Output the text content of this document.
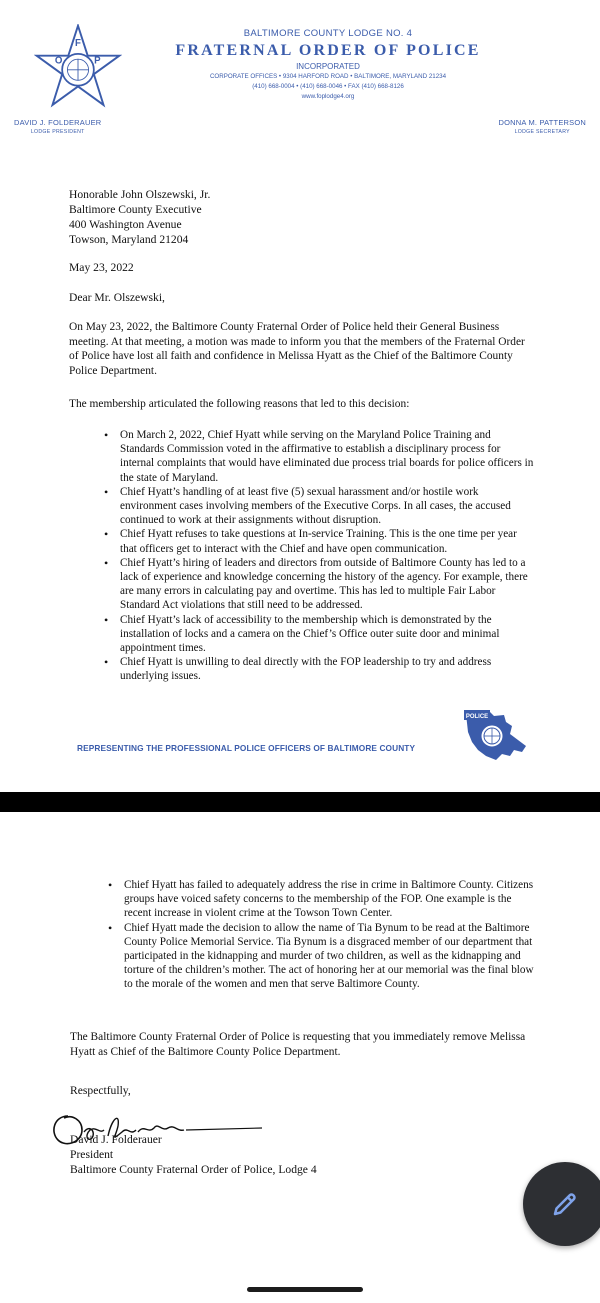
F
O	P
BALTIMORE COUNTY LODGE NO. 4
FRATERNAL ORDER OF POLICE
INCORPORATED
CORPORATE OFFICES • 9304 HARFORD ROAD • BALTIMORE, MARYLAND 21234
(410) 668-0004 • (410) 668-0046 • FAX (410) 668-8126
www.foplodge4.org
DAVID J. FOLDERAUER
LODGE PRESIDENT
DONNA M. PATTERSON
LODGE SECRETARY
Honorable John Olszewski, Jr.
Baltimore County Executive
400 Washington Avenue
Towson, Maryland 21204
May 23, 2022
Dear Mr. Olszewski,
On May 23, 2022, the Baltimore County Fraternal Order of Police held their General Business meeting. At that meeting, a motion was made to inform you that the members of the Fraternal Order of Police have lost all faith and confidence in Melissa Hyatt as the Chief of the Baltimore County Police Department.
The membership articulated the following reasons that led to this decision:
• On March 2, 2022, Chief Hyatt while serving on the Maryland Police Training and Standards Commission voted in the affirmative to establish a disciplinary process for internal complaints that would have eliminated due process trial boards for police officers in the state of Maryland.
• Chief Hyatt’s handling of at least five (5) sexual harassment and/or hostile work environment cases involving members of the Executive Corps. In all cases, the accused continued to work at their assignments without disruption.
• Chief Hyatt refuses to take questions at In-service Training. This is the one time per year that officers get to interact with the Chief and have open communication.
• Chief Hyatt’s hiring of leaders and directors from outside of Baltimore County has led to a lack of experience and knowledge concerning the history of the agency. For example, there are many errors in calculating pay and overtime. This has led to multiple Fair Labor Standard Act violations that still need to be addressed.
• Chief Hyatt’s lack of accessibility to the membership which is demonstrated by the installation of locks and a camera on the Chief’s Office outer suite door and minimal appointment times.
• Chief Hyatt is unwilling to deal directly with the FOP leadership to try and address underlying issues.
REPRESENTING THE PROFESSIONAL POLICE OFFICERS OF BALTIMORE COUNTY
POLICE
• Chief Hyatt has failed to adequately address the rise in crime in Baltimore County. Citizens groups have voiced safety concerns to the membership of the FOP. One example is the recent increase in violent crime at the Towson Town Center.
• Chief Hyatt made the decision to allow the name of Tia Bynum to be read at the Baltimore County Police Memorial Service. Tia Bynum is a disgraced member of our department that participated in the kidnapping and murder of two children, as well as the kidnapping and torture of the children’s mother. The act of honoring her at our memorial was the final blow to the morale of the women and men that serve Baltimore County.
The Baltimore County Fraternal Order of Police is requesting that you immediately remove Melissa Hyatt as Chief of the Baltimore County Police Department.
Respectfully,
David J. Folderauer
President
Baltimore County Fraternal Order of Police, Lodge 4
